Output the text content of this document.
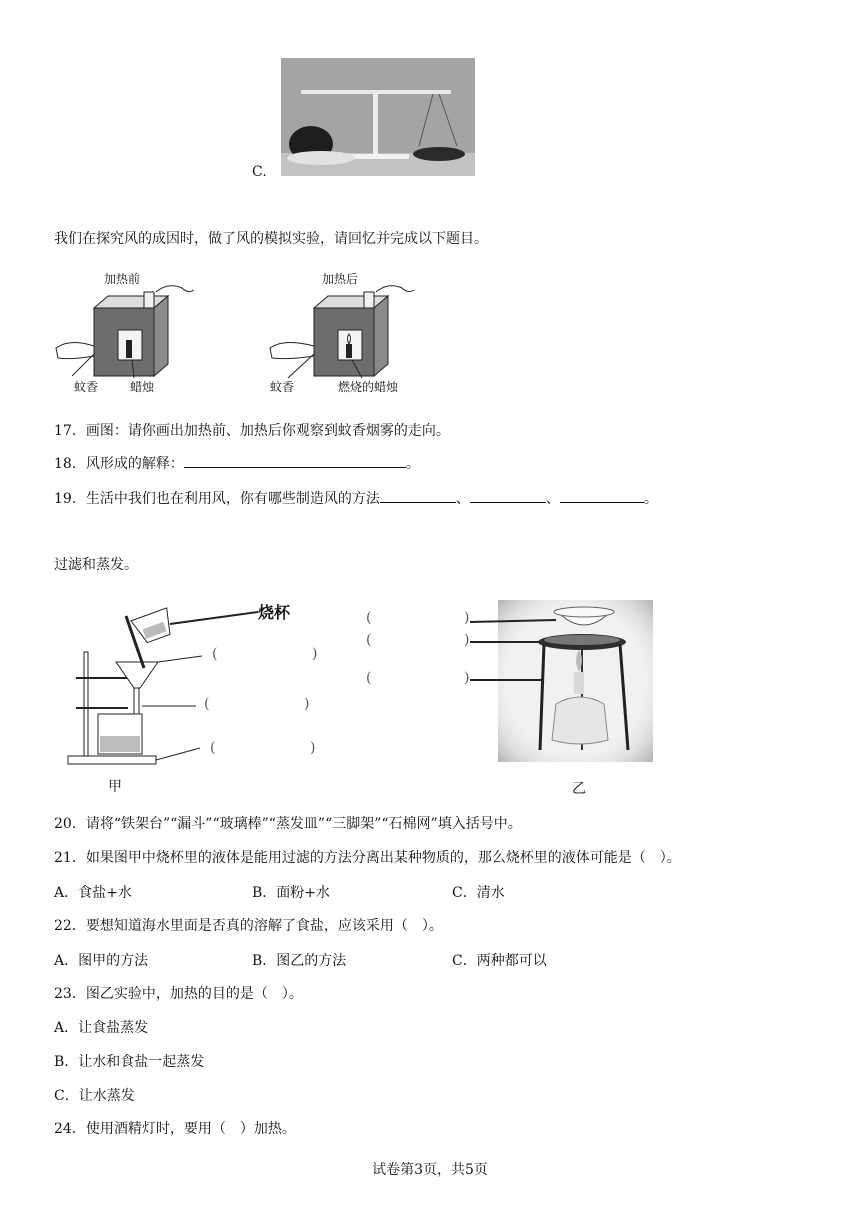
C.
我们在探究风的成因时，做了风的模拟实验，请回忆并完成以下题目。
加热前
蚊香	蜡烛
加热后
蚊香	燃烧的蜡烛
17．画图：请你画出加热前、加热后你观察到蚊香烟雾的走向。
18．风形成的解释：	。
19．生活中我们也在利用风，你有哪些制造风的方法	、	、	。
过滤和蒸发。
烧杯
(	)
(	)
(	)
甲
(	)
(	)
(	)
乙
20．请将“铁架台”“漏斗”“玻璃棒”“蒸发皿”“三脚架”“石棉网”填入括号中。
21．如果图甲中烧杯里的液体是能用过滤的方法分离出某种物质的，那么烧杯里的液体可能是（　）。
A．食盐+水	B．面粉+水	C．清水
22．要想知道海水里面是否真的溶解了食盐，应该采用（　）。
A．图甲的方法	B．图乙的方法	C．两种都可以
23．图乙实验中，加热的目的是（　）。
A．让食盐蒸发
B．让水和食盐一起蒸发
C．让水蒸发
24．使用酒精灯时，要用（　）加热。
试卷第3页，共5页
